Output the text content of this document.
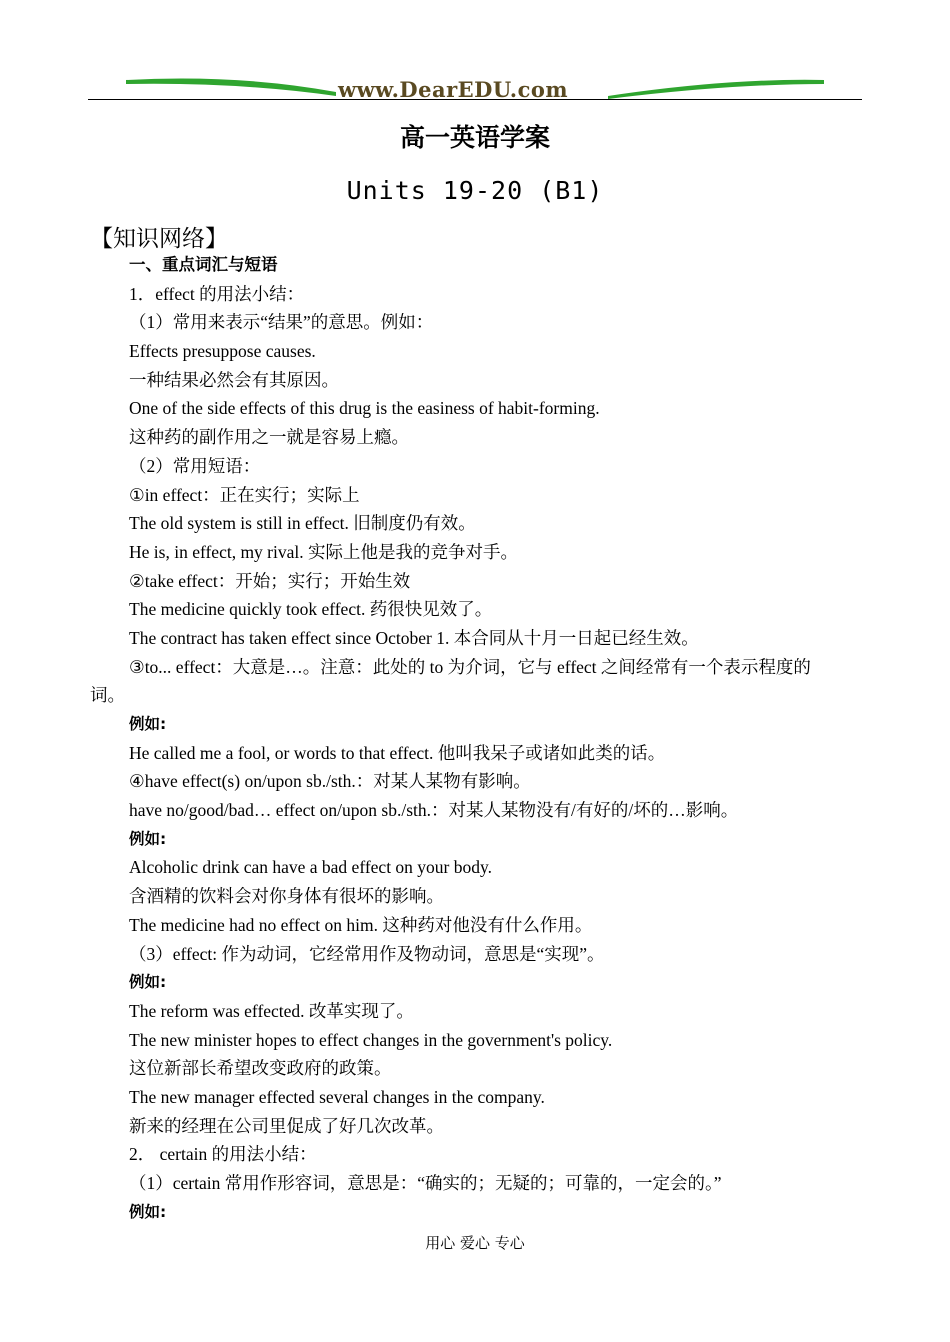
www.DearEDU.com
高一英语学案
Units 19-20 (B1)
【知识网络】
一、重点词汇与短语
1．effect 的用法小结：
（1）常用来表示“结果”的意思。例如：
Effects presuppose causes.
一种结果必然会有其原因。
One of the side effects of this drug is the easiness of habit-forming.
这种药的副作用之一就是容易上瘾。
（2）常用短语：
①in effect：正在实行；实际上
The old system is still in effect. 旧制度仍有效。
He is, in effect, my rival. 实际上他是我的竞争对手。
②take effect：开始；实行；开始生效
The medicine quickly took effect. 药很快见效了。
The contract has taken effect since October 1. 本合同从十月一日起已经生效。
③to... effect：大意是…。注意：此处的 to 为介词，它与 effect 之间经常有一个表示程度的
词。
例如:
He called me a fool, or words to that effect. 他叫我呆子或诸如此类的话。
④have effect(s) on/upon sb./sth.：对某人某物有影响。
have no/good/bad… effect on/upon sb./sth.：对某人某物没有/有好的/坏的…影响。
例如:
Alcoholic drink can have a bad effect on your body.
含酒精的饮料会对你身体有很坏的影响。
The medicine had no effect on him. 这种药对他没有什么作用。
（3）effect: 作为动词，它经常用作及物动词，意思是“实现”。
例如:
The reform was effected. 改革实现了。
The new minister hopes to effect changes in the government's policy.
这位新部长希望改变政府的政策。
The new manager effected several changes in the company.
新来的经理在公司里促成了好几次改革。
2． certain 的用法小结：
（1）certain 常用作形容词，意思是：“确实的；无疑的；可靠的，一定会的。”
例如:
用心 爱心 专心
